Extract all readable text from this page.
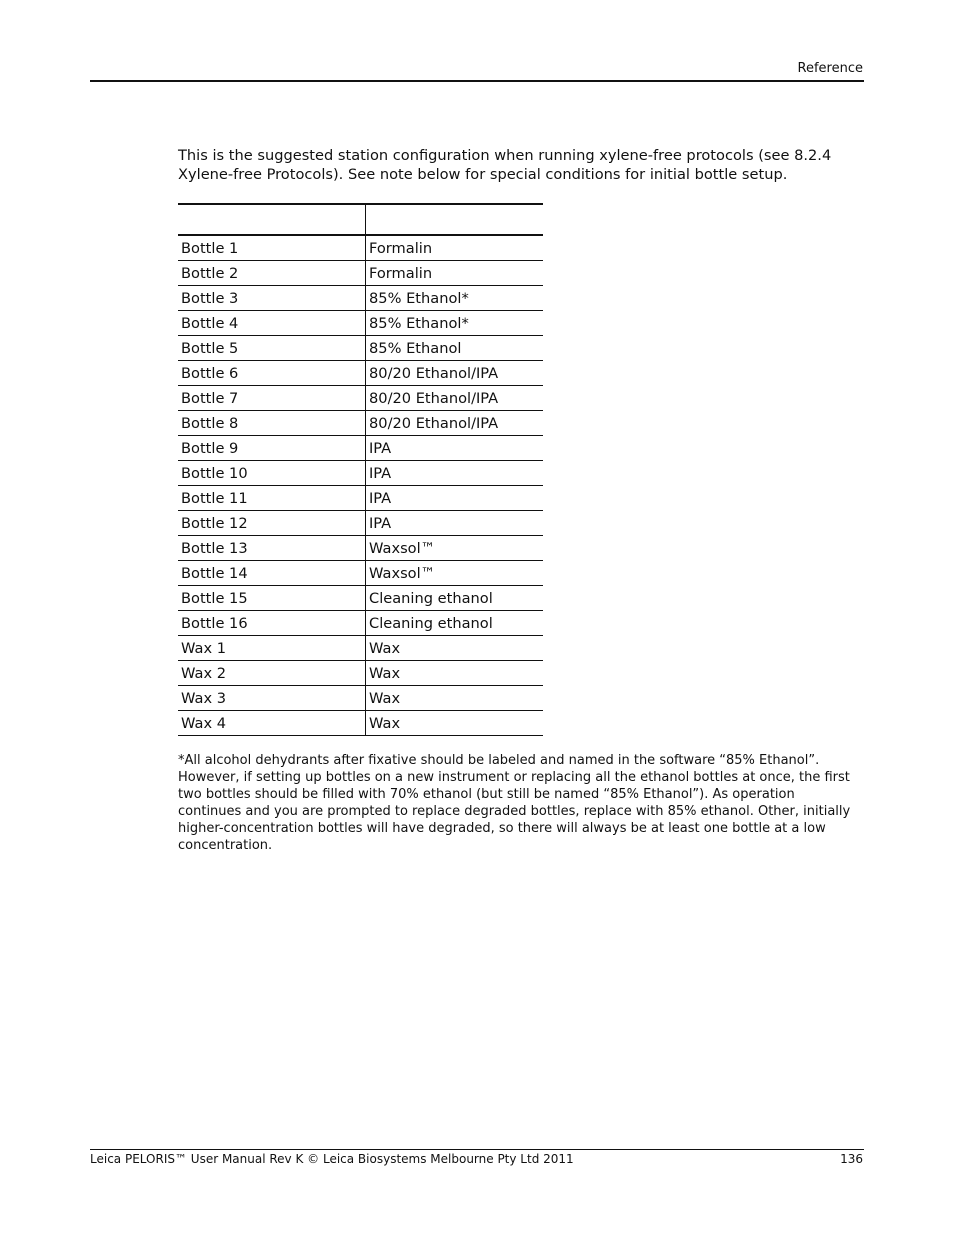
Reference

This is the suggested station configuration when running xylene-free protocols (see 8.2.4 Xylene-free Protocols). See note below for special conditions for initial bottle setup.

Bottle 1	Formalin
Bottle 2	Formalin
Bottle 3	85% Ethanol*
Bottle 4	85% Ethanol*
Bottle 5	85% Ethanol
Bottle 6	80/20 Ethanol/IPA
Bottle 7	80/20 Ethanol/IPA
Bottle 8	80/20 Ethanol/IPA
Bottle 9	IPA
Bottle 10	IPA
Bottle 11	IPA
Bottle 12	IPA
Bottle 13	Waxsol™
Bottle 14	Waxsol™
Bottle 15	Cleaning ethanol
Bottle 16	Cleaning ethanol
Wax 1	Wax
Wax 2	Wax
Wax 3	Wax
Wax 4	Wax

*All alcohol dehydrants after fixative should be labeled and named in the software “85% Ethanol”. However, if setting up bottles on a new instrument or replacing all the ethanol bottles at once, the first two bottles should be filled with 70% ethanol (but still be named “85% Ethanol”). As operation continues and you are prompted to replace degraded bottles, replace with 85% ethanol. Other, initially higher-concentration bottles will have degraded, so there will always be at least one bottle at a low concentration.

Leica PELORIS™ User Manual Rev K © Leica Biosystems Melbourne Pty Ltd 2011	136
